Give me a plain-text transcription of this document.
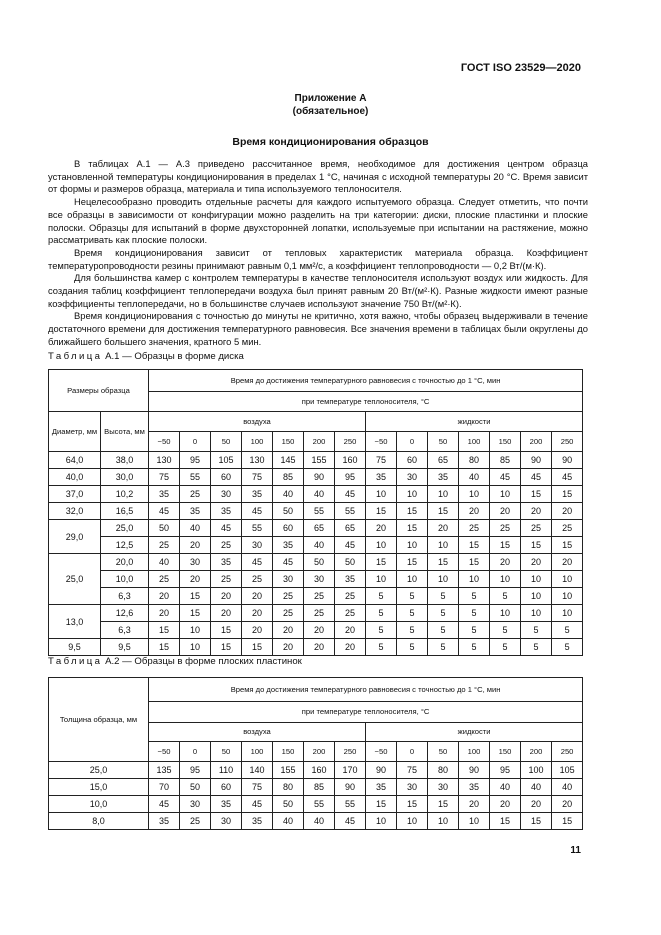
ГОСТ ISO 23529—2020
Приложение А
(обязательное)
Время кондиционирования образцов

В таблицах А.1 — А.3 приведено рассчитанное время, необходимое для достижения центром образца установленной температуры кондиционирования в пределах 1 °С, начиная с исходной температуры 20 °С. Время зависит от формы и размеров образца, материала и типа используемого теплоносителя.

Нецелесообразно проводить отдельные расчеты для каждого испытуемого образца. Следует отметить, что почти все образцы в зависимости от конфигурации можно разделить на три категории: диски, плоские пластинки и плоские полоски. Образцы для испытаний в форме двухсторонней лопатки, используемые при испытании на растяжение, можно рассматривать как плоские полоски.

Время кондиционирования зависит от тепловых характеристик материала образца. Коэффициент температуропроводности резины принимают равным 0,1 мм²/с, а коэффициент теплопроводности — 0,2 Вт/(м·К).

Для большинства камер с контролем температуры в качестве теплоносителя используют воздух или жидкость. Для создания таблиц коэффициент теплопередачи воздуха был принят равным 20 Вт/(м²·К). Разные жидкости имеют разные коэффициенты теплопередачи, но в большинстве случаев используют значение 750 Вт/(м²·К).

Время кондиционирования с точностью до минуты не критично, хотя важно, чтобы образец выдерживали в течение достаточного времени для достижения температурного равновесия. Все значения времени в таблицах были округлены до ближайшего большего значения, кратного 5 мин.

Таблица А.1 — Образцы в форме диска
Размеры образца		Время до достижения температурного равновесия с точностью до 1 °С, мин													
		при температуре теплоносителя, °С													
Диаметр, мм	Высота, мм	воздуха							жидкости						
		−50	0	50	100	150	200	250	−50	0	50	100	150	200	250
64,0	38,0	130	95	105	130	145	155	160	75	60	65	80	85	90	90
40,0	30,0	75	55	60	75	85	90	95	35	30	35	40	45	45	45
37,0	10,2	35	25	30	35	40	40	45	10	10	10	10	10	15	15
32,0	16,5	45	35	35	45	50	55	55	15	15	15	20	20	20	20
29,0	25,0	50	40	45	55	60	65	65	20	15	20	25	25	25	25
	12,5	25	20	25	30	35	40	45	10	10	10	15	15	15	15
25,0	20,0	40	30	35	45	45	50	50	15	15	15	15	20	20	20
	10,0	25	20	25	25	30	30	35	10	10	10	10	10	10	10
	6,3	20	15	20	20	25	25	25	5	5	5	5	5	10	10
13,0	12,6	20	15	20	20	25	25	25	5	5	5	5	10	10	10
	6,3	15	10	15	20	20	20	20	5	5	5	5	5	5	5
9,5	9,5	15	10	15	15	20	20	20	5	5	5	5	5	5	5
Таблица А.2 — Образцы в форме плоских пластинок
Толщина образца, мм	Время до достижения температурного равновесия с точностью до 1 °С, мин													
	при температуре теплоносителя, °С													
	воздуха							жидкости						
	−50	0	50	100	150	200	250	−50	0	50	100	150	200	250
25,0	135	95	110	140	155	160	170	90	75	80	90	95	100	105
15,0	70	50	60	75	80	85	90	35	30	30	35	40	40	40
10,0	45	30	35	45	50	55	55	15	15	15	20	20	20	20
8,0	35	25	30	35	40	40	45	10	10	10	10	15	15	15
11
